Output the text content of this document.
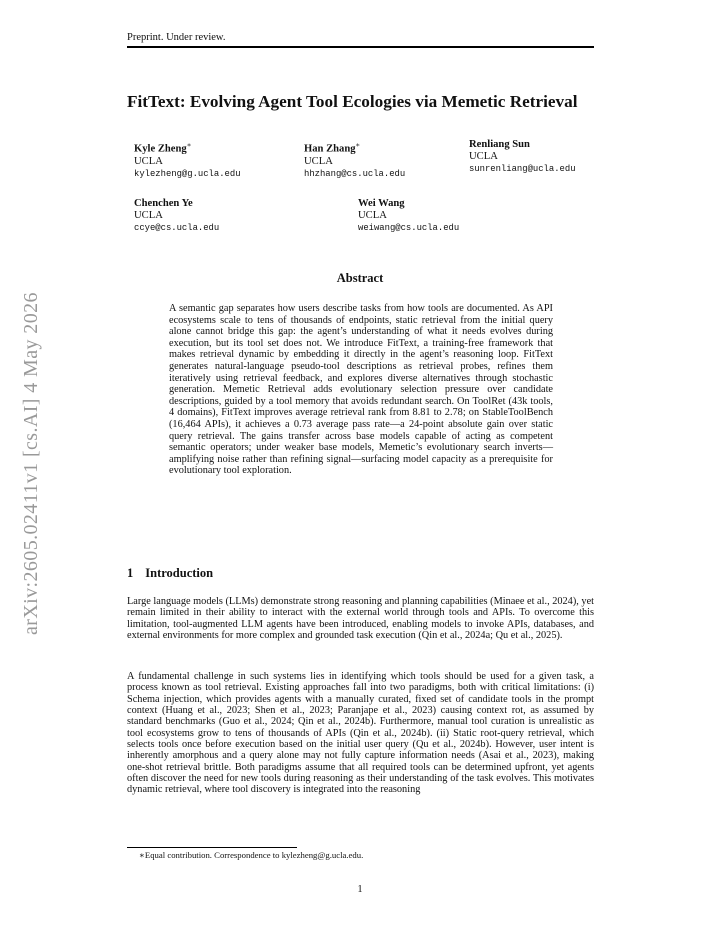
Preprint. Under review.
FitText: Evolving Agent Tool Ecologies via Memetic Retrieval
Kyle Zheng∗
UCLA
kylezheng@g.ucla.edu
Han Zhang∗
UCLA
hhzhang@cs.ucla.edu
Renliang Sun
UCLA
sunrenliang@ucla.edu
Chenchen Ye
UCLA
ccye@cs.ucla.edu
Wei Wang
UCLA
weiwang@cs.ucla.edu
arXiv:2605.02411v1 [cs.AI] 4 May 2026
Abstract
A semantic gap separates how users describe tasks from how tools are documented. As API ecosystems scale to tens of thousands of endpoints, static retrieval from the initial query alone cannot bridge this gap: the agent’s understanding of what it needs evolves during execution, but its tool set does not. We introduce FitText, a training-free framework that makes retrieval dynamic by embedding it directly in the agent’s reasoning loop. FitText generates natural-language pseudo-tool descriptions as retrieval probes, refines them iteratively using retrieval feedback, and explores diverse alternatives through stochastic generation. Memetic Retrieval adds evolutionary selection pressure over candidate descriptions, guided by a tool memory that avoids redundant search. On ToolRet (43k tools, 4 domains), FitText improves average retrieval rank from 8.81 to 2.78; on StableToolBench (16,464 APIs), it achieves a 0.73 average pass rate—a 24-point absolute gain over static query retrieval. The gains transfer across base models capable of acting as competent semantic operators; under weaker base models, Memetic’s evolutionary search inverts—amplifying noise rather than refining signal—surfacing model capacity as a prerequisite for evolutionary tool exploration.
1 Introduction
Large language models (LLMs) demonstrate strong reasoning and planning capabilities (Minaee et al., 2024), yet remain limited in their ability to interact with the external world through tools and APIs. To overcome this limitation, tool-augmented LLM agents have been introduced, enabling models to invoke APIs, databases, and external environments for more complex and grounded task execution (Qin et al., 2024a; Qu et al., 2025).
A fundamental challenge in such systems lies in identifying which tools should be used for a given task, a process known as tool retrieval. Existing approaches fall into two paradigms, both with critical limitations: (i) Schema injection, which provides agents with a manually curated, fixed set of candidate tools in the prompt context (Huang et al., 2023; Shen et al., 2023; Paranjape et al., 2023) causing context rot, as assumed by standard benchmarks (Guo et al., 2024; Qin et al., 2024b). Furthermore, manual tool curation is unrealistic as tool ecosystems grow to tens of thousands of APIs (Qin et al., 2024b). (ii) Static root-query retrieval, which selects tools once before execution based on the initial user query (Qu et al., 2024b). However, user intent is inherently amorphous and a query alone may not fully capture information needs (Asai et al., 2023), making one-shot retrieval brittle. Both paradigms assume that all required tools can be determined upfront, yet agents often discover the need for new tools during reasoning as their understanding of the task evolves. This motivates dynamic retrieval, where tool discovery is integrated into the reasoning
∗Equal contribution. Correspondence to kylezheng@g.ucla.edu.
1
